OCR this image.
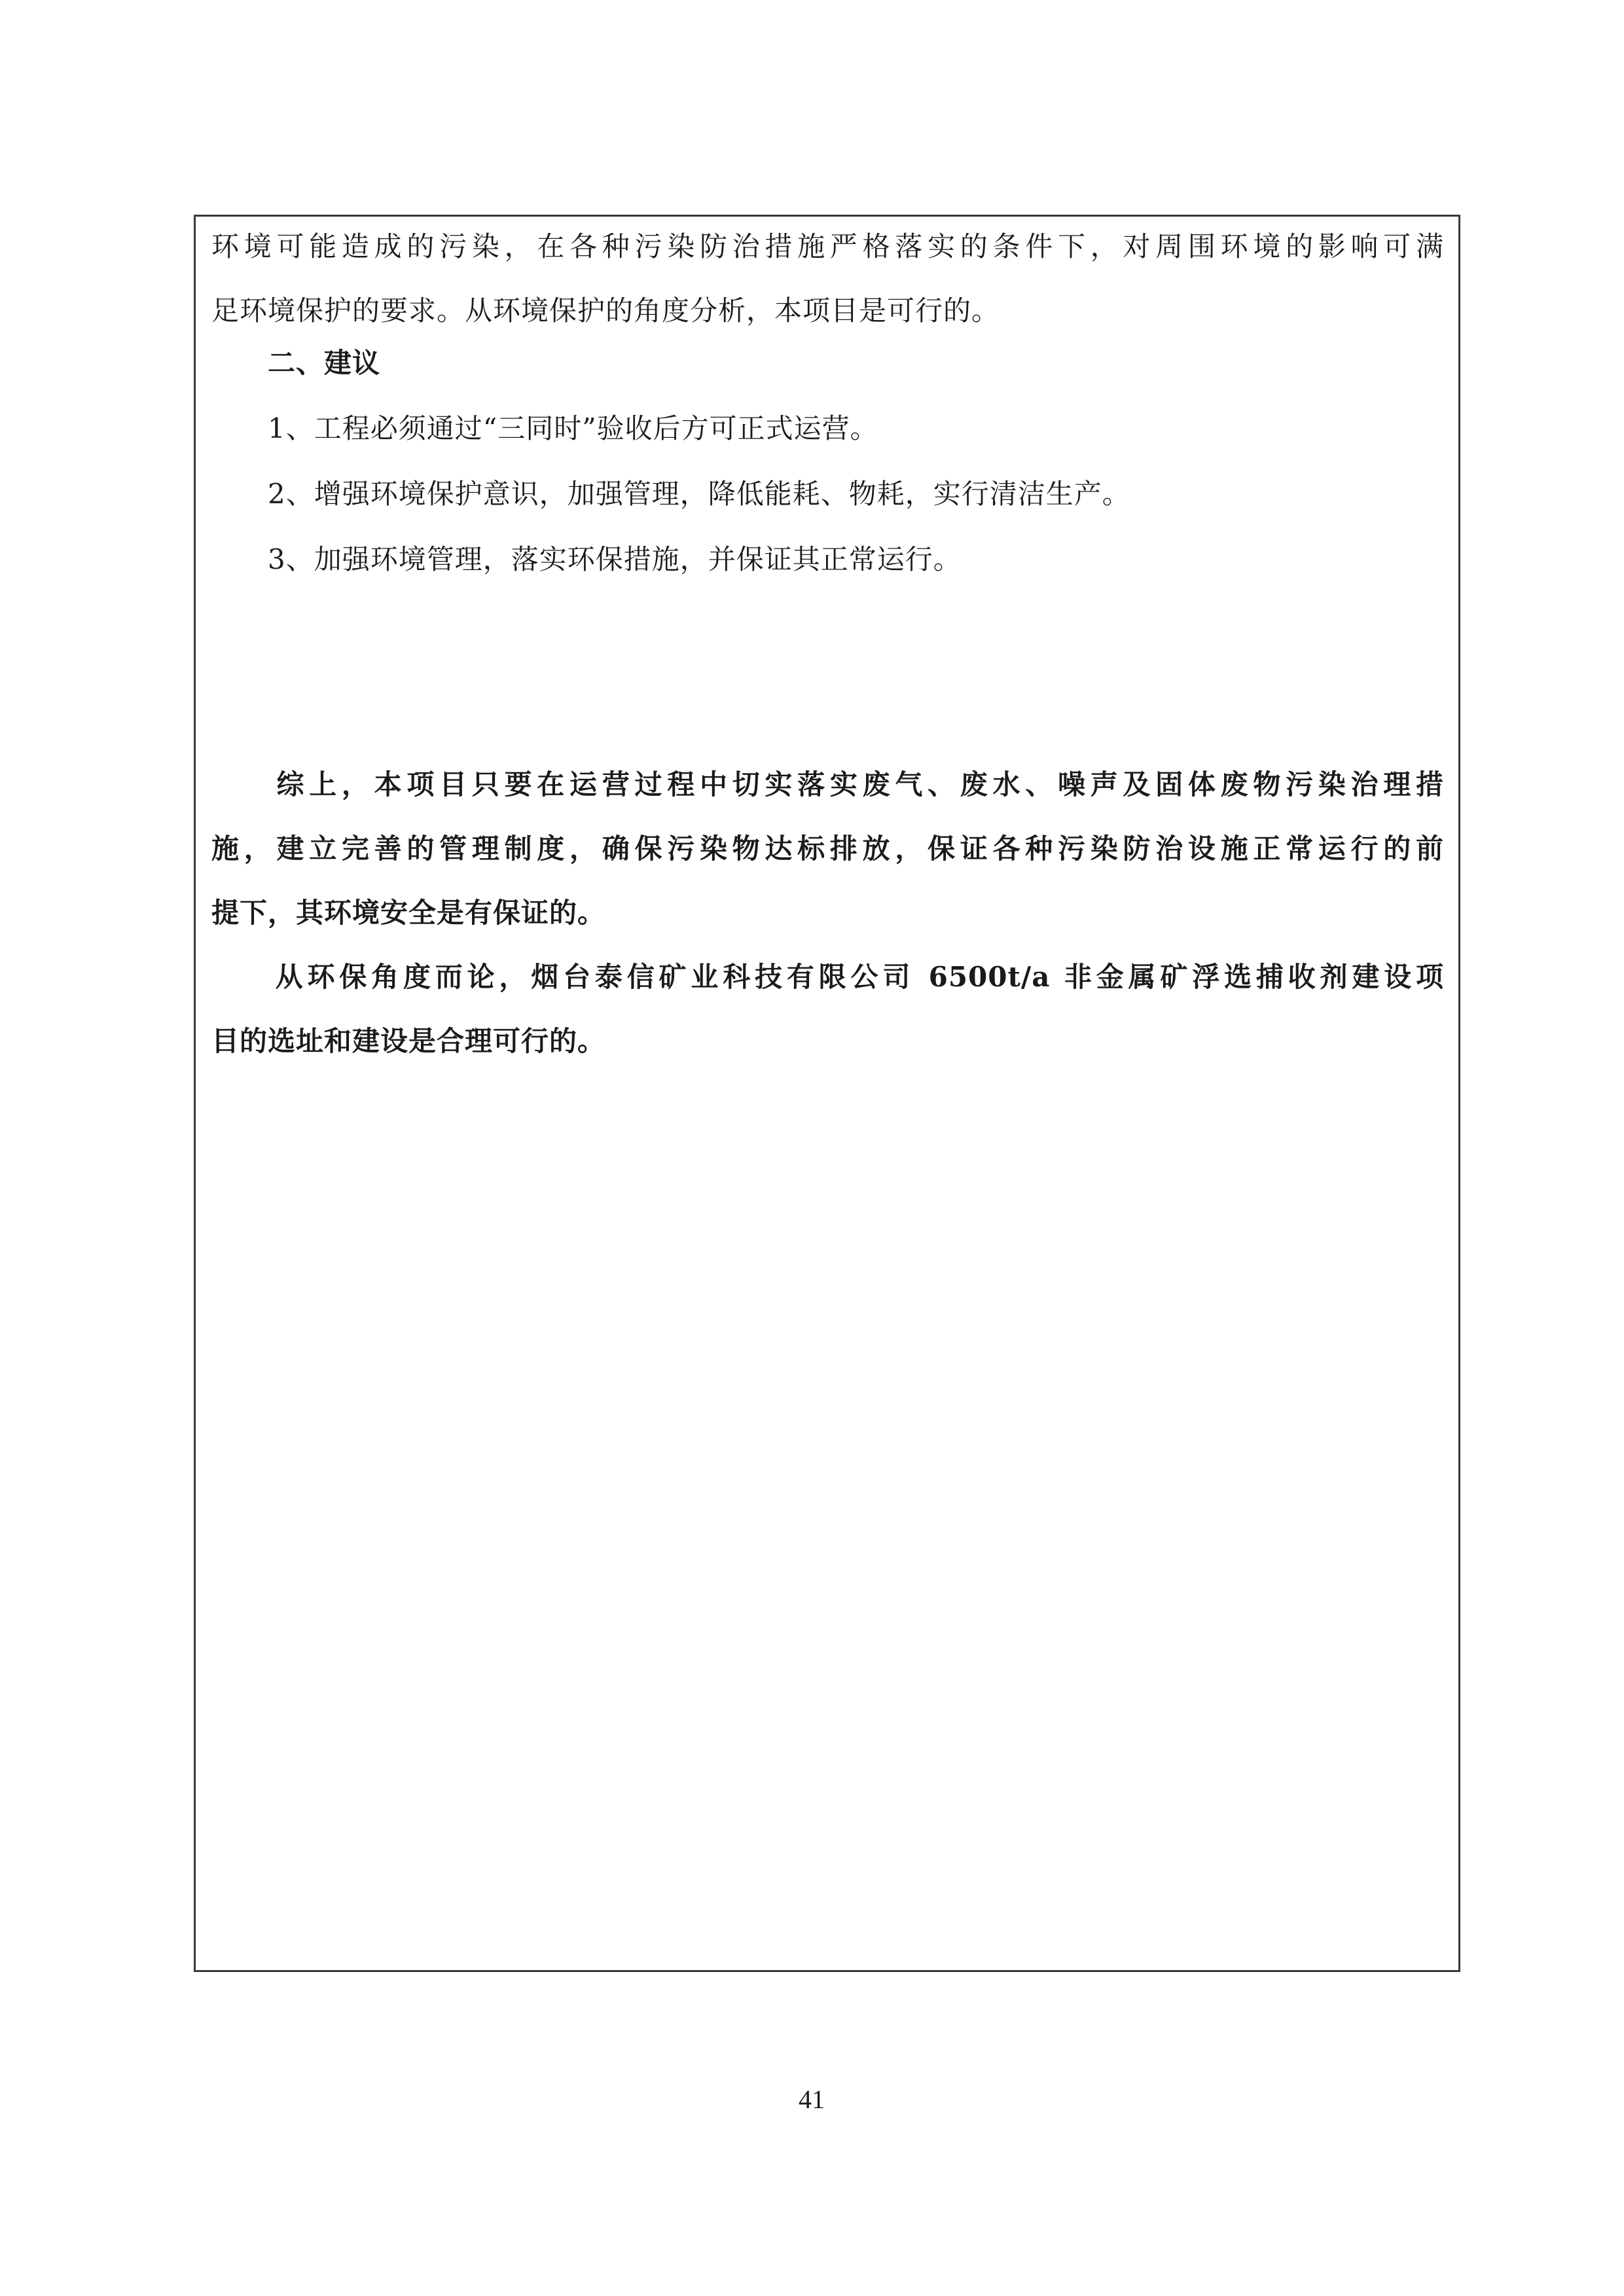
环境可能造成的污染，在各种污染防治措施严格落实的条件下，对周围环境的影响可满
足环境保护的要求。从环境保护的角度分析，本项目是可行的。
　　二、建议
　　1、工程必须通过“三同时”验收后方可正式运营。
　　2、增强环境保护意识，加强管理，降低能耗、物耗，实行清洁生产。
　　3、加强环境管理，落实环保措施，并保证其正常运行。
　　综上，本项目只要在运营过程中切实落实废气、废水、噪声及固体废物污染治理措
施，建立完善的管理制度，确保污染物达标排放，保证各种污染防治设施正常运行的前
提下，其环境安全是有保证的。
　　从环保角度而论，烟台泰信矿业科技有限公司 6500t/a 非金属矿浮选捕收剂建设项
目的选址和建设是合理可行的。
41
